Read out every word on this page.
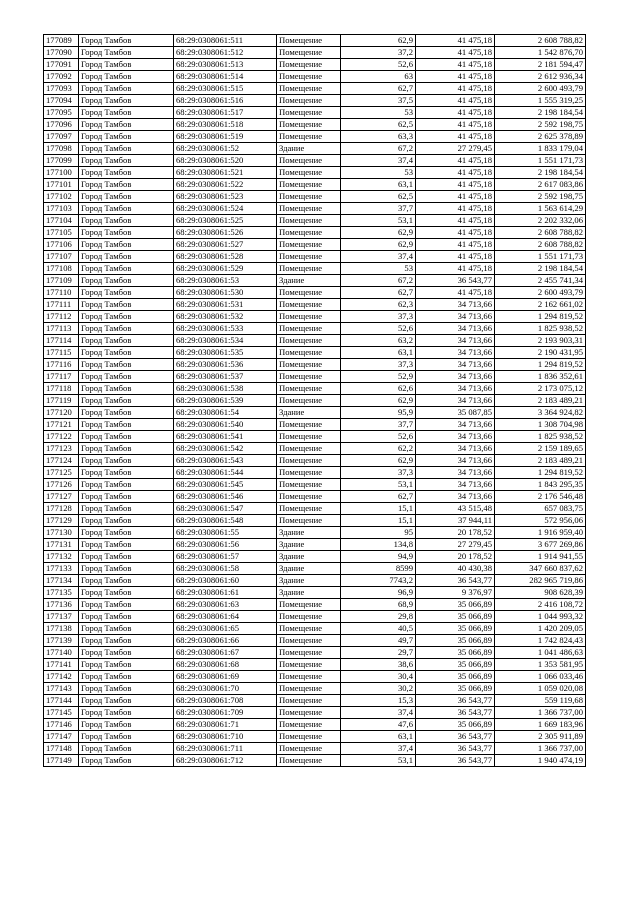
177089	Город Тамбов	68:29:0308061:511	Помещение	62,9	41 475,18	2 608 788,82
177090	Город Тамбов	68:29:0308061:512	Помещение	37,2	41 475,18	1 542 876,70
177091	Город Тамбов	68:29:0308061:513	Помещение	52,6	41 475,18	2 181 594,47
177092	Город Тамбов	68:29:0308061:514	Помещение	63	41 475,18	2 612 936,34
177093	Город Тамбов	68:29:0308061:515	Помещение	62,7	41 475,18	2 600 493,79
177094	Город Тамбов	68:29:0308061:516	Помещение	37,5	41 475,18	1 555 319,25
177095	Город Тамбов	68:29:0308061:517	Помещение	53	41 475,18	2 198 184,54
177096	Город Тамбов	68:29:0308061:518	Помещение	62,5	41 475,18	2 592 198,75
177097	Город Тамбов	68:29:0308061:519	Помещение	63,3	41 475,18	2 625 378,89
177098	Город Тамбов	68:29:0308061:52	Здание	67,2	27 279,45	1 833 179,04
177099	Город Тамбов	68:29:0308061:520	Помещение	37,4	41 475,18	1 551 171,73
177100	Город Тамбов	68:29:0308061:521	Помещение	53	41 475,18	2 198 184,54
177101	Город Тамбов	68:29:0308061:522	Помещение	63,1	41 475,18	2 617 083,86
177102	Город Тамбов	68:29:0308061:523	Помещение	62,5	41 475,18	2 592 198,75
177103	Город Тамбов	68:29:0308061:524	Помещение	37,7	41 475,18	1 563 614,29
177104	Город Тамбов	68:29:0308061:525	Помещение	53,1	41 475,18	2 202 332,06
177105	Город Тамбов	68:29:0308061:526	Помещение	62,9	41 475,18	2 608 788,82
177106	Город Тамбов	68:29:0308061:527	Помещение	62,9	41 475,18	2 608 788,82
177107	Город Тамбов	68:29:0308061:528	Помещение	37,4	41 475,18	1 551 171,73
177108	Город Тамбов	68:29:0308061:529	Помещение	53	41 475,18	2 198 184,54
177109	Город Тамбов	68:29:0308061:53	Здание	67,2	36 543,77	2 455 741,34
177110	Город Тамбов	68:29:0308061:530	Помещение	62,7	41 475,18	2 600 493,79
177111	Город Тамбов	68:29:0308061:531	Помещение	62,3	34 713,66	2 162 661,02
177112	Город Тамбов	68:29:0308061:532	Помещение	37,3	34 713,66	1 294 819,52
177113	Город Тамбов	68:29:0308061:533	Помещение	52,6	34 713,66	1 825 938,52
177114	Город Тамбов	68:29:0308061:534	Помещение	63,2	34 713,66	2 193 903,31
177115	Город Тамбов	68:29:0308061:535	Помещение	63,1	34 713,66	2 190 431,95
177116	Город Тамбов	68:29:0308061:536	Помещение	37,3	34 713,66	1 294 819,52
177117	Город Тамбов	68:29:0308061:537	Помещение	52,9	34 713,66	1 836 352,61
177118	Город Тамбов	68:29:0308061:538	Помещение	62,6	34 713,66	2 173 075,12
177119	Город Тамбов	68:29:0308061:539	Помещение	62,9	34 713,66	2 183 489,21
177120	Город Тамбов	68:29:0308061:54	Здание	95,9	35 087,85	3 364 924,82
177121	Город Тамбов	68:29:0308061:540	Помещение	37,7	34 713,66	1 308 704,98
177122	Город Тамбов	68:29:0308061:541	Помещение	52,6	34 713,66	1 825 938,52
177123	Город Тамбов	68:29:0308061:542	Помещение	62,2	34 713,66	2 159 189,65
177124	Город Тамбов	68:29:0308061:543	Помещение	62,9	34 713,66	2 183 489,21
177125	Город Тамбов	68:29:0308061:544	Помещение	37,3	34 713,66	1 294 819,52
177126	Город Тамбов	68:29:0308061:545	Помещение	53,1	34 713,66	1 843 295,35
177127	Город Тамбов	68:29:0308061:546	Помещение	62,7	34 713,66	2 176 546,48
177128	Город Тамбов	68:29:0308061:547	Помещение	15,1	43 515,48	657 083,75
177129	Город Тамбов	68:29:0308061:548	Помещение	15,1	37 944,11	572 956,06
177130	Город Тамбов	68:29:0308061:55	Здание	95	20 178,52	1 916 959,40
177131	Город Тамбов	68:29:0308061:56	Здание	134,8	27 279,45	3 677 269,86
177132	Город Тамбов	68:29:0308061:57	Здание	94,9	20 178,52	1 914 941,55
177133	Город Тамбов	68:29:0308061:58	Здание	8599	40 430,38	347 660 837,62
177134	Город Тамбов	68:29:0308061:60	Здание	7743,2	36 543,77	282 965 719,86
177135	Город Тамбов	68:29:0308061:61	Здание	96,9	9 376,97	908 628,39
177136	Город Тамбов	68:29:0308061:63	Помещение	68,9	35 066,89	2 416 108,72
177137	Город Тамбов	68:29:0308061:64	Помещение	29,8	35 066,89	1 044 993,32
177138	Город Тамбов	68:29:0308061:65	Помещение	40,5	35 066,89	1 420 209,05
177139	Город Тамбов	68:29:0308061:66	Помещение	49,7	35 066,89	1 742 824,43
177140	Город Тамбов	68:29:0308061:67	Помещение	29,7	35 066,89	1 041 486,63
177141	Город Тамбов	68:29:0308061:68	Помещение	38,6	35 066,89	1 353 581,95
177142	Город Тамбов	68:29:0308061:69	Помещение	30,4	35 066,89	1 066 033,46
177143	Город Тамбов	68:29:0308061:70	Помещение	30,2	35 066,89	1 059 020,08
177144	Город Тамбов	68:29:0308061:708	Помещение	15,3	36 543,77	559 119,68
177145	Город Тамбов	68:29:0308061:709	Помещение	37,4	36 543,77	1 366 737,00
177146	Город Тамбов	68:29:0308061:71	Помещение	47,6	35 066,89	1 669 183,96
177147	Город Тамбов	68:29:0308061:710	Помещение	63,1	36 543,77	2 305 911,89
177148	Город Тамбов	68:29:0308061:711	Помещение	37,4	36 543,77	1 366 737,00
177149	Город Тамбов	68:29:0308061:712	Помещение	53,1	36 543,77	1 940 474,19
